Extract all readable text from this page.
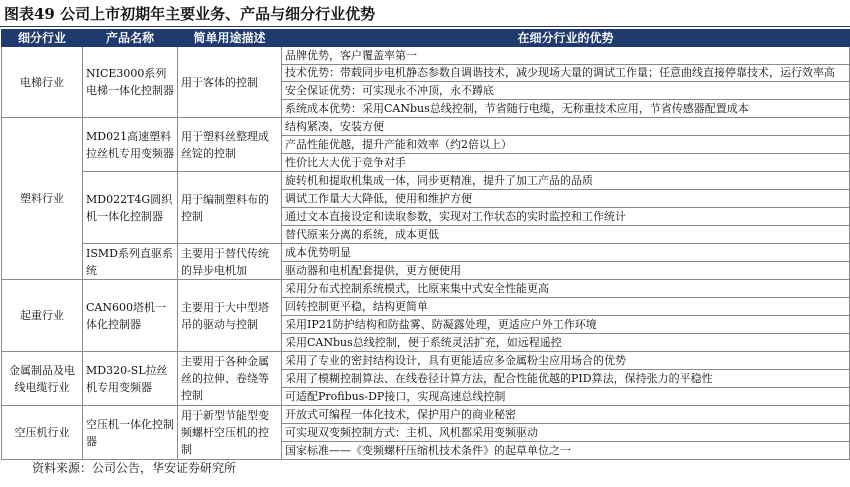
图表49 公司上市初期年主要业务、产品与细分行业优势
细分行业	产品名称	简单用途描述	在细分行业的优势
电梯行业	NICE3000系列电梯一体化控制器	用于客体的控制	品牌优势，客户覆盖率第一
			技术优势：带载同步电机静态参数自调谐技术，减少现场大量的调试工作量；任意曲线直接停靠技术，运行效率高

			安全保证优势：可实现永不冲顶，永不蹲底
			系统成本优势：采用CANbus总线控制，节省随行电缆，无称重技术应用，节省传感器配置成本
塑料行业	MD021高速塑料拉丝机专用变频器	用于塑料丝整理成丝锭的控制	结构紧凑，安装方便
			产品性能优越，提升产能和效率（约2倍以上）
			性价比大大优于竞争对手
	MD022T4G圆织机一体化控制器	用于编制塑料布的控制	旋转机和提取机集成一体，同步更精准，提升了加工产品的品质
			调试工作量大大降低，使用和维护方便
			通过文本直接设定和读取参数，实现对工作状态的实时监控和工作统计
			替代原来分离的系统，成本更低
	ISMD系列直驱系统	主要用于替代传统的异步电机加	成本优势明显
			驱动器和电机配套提供，更方便使用
起重行业	CAN600塔机一体化控制器	主要用于大中型塔吊的驱动与控制	采用分布式控制系统模式，比原来集中式安全性能更高
			回转控制更平稳，结构更简单
			采用IP21防护结构和防盐雾、防凝露处理，更适应户外工作环境
			采用CANbus总线控制，便于系统灵活扩充，如远程遥控
金属制品及电线电缆行业	MD320-SL拉丝机专用变频器	主要用于各种金属丝的拉伸、卷绕等控制	采用了专业的密封结构设计，具有更能适应多金属粉尘应用场合的优势
			采用了模糊控制算法、在线卷径计算方法，配合性能优越的PID算法，保持张力的平稳性
			可适配Profibus-DP接口，实现高速总线控制
空压机行业	空压机一体化控制器	用于新型节能型变频螺杆空压机的控制	开放式可编程一体化技术，保护用户的商业秘密
			可实现双变频控制方式：主机、风机都采用变频驱动
			国家标准——《变频螺杆压缩机技术条件》的起草单位之一
资料来源：公司公告，华安证券研究所
